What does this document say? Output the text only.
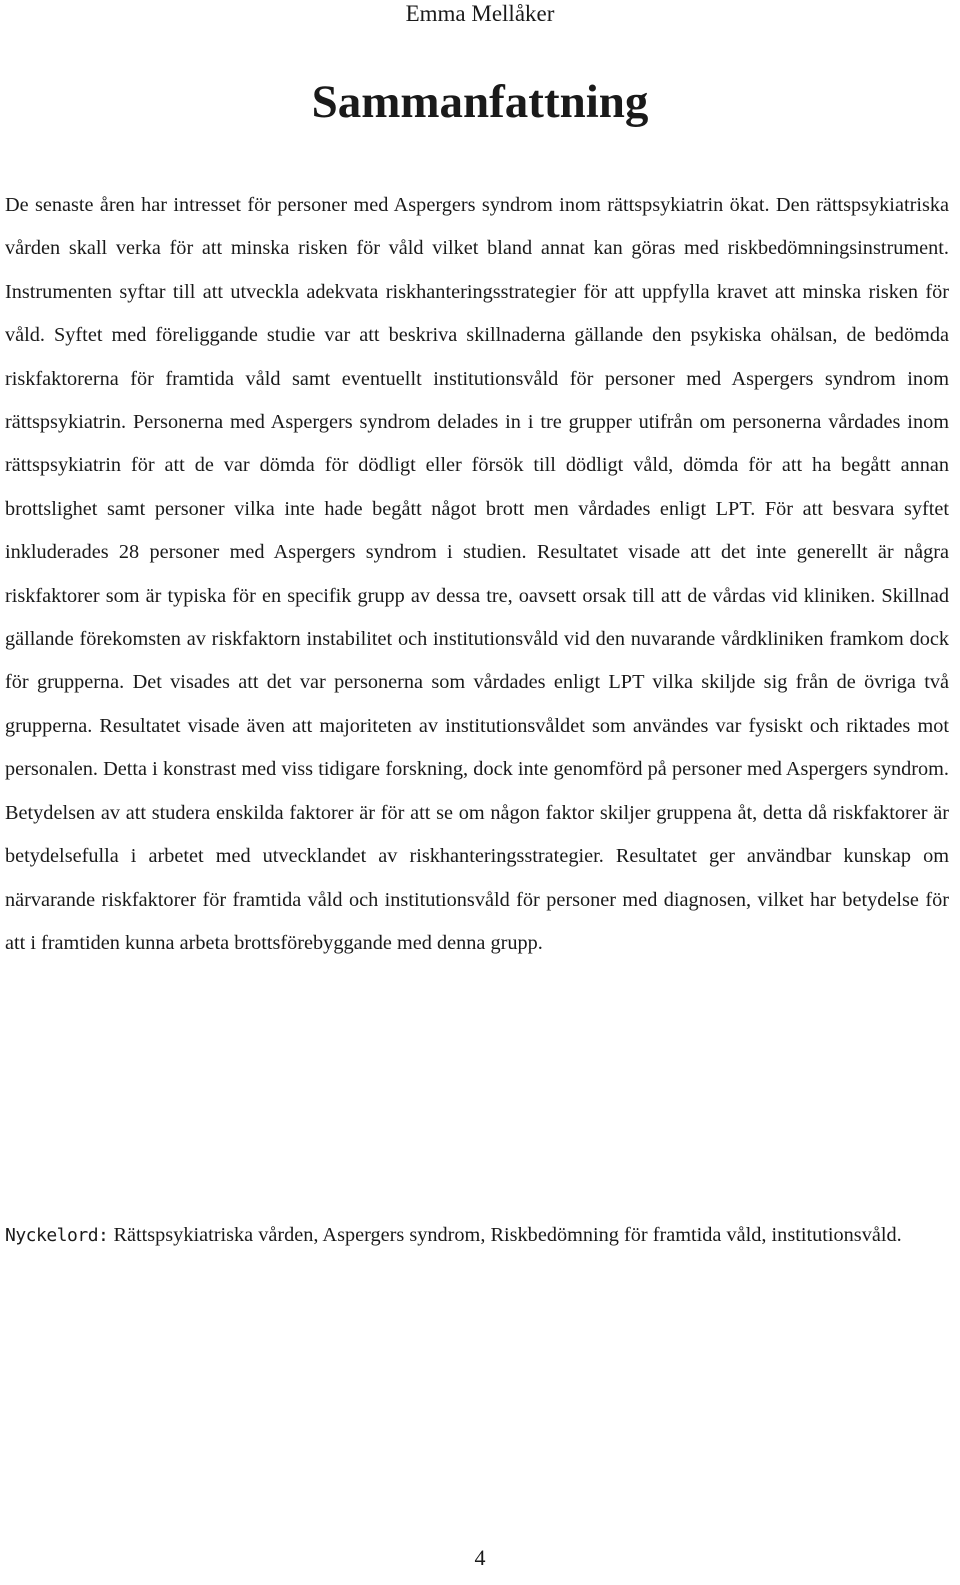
Emma Mellåker
Sammanfattning

De senaste åren har intresset för personer med Aspergers syndrom inom rättspsykiatrin ökat. Den rättspsykiatriska vården skall verka för att minska risken för våld vilket bland annat kan göras med riskbedömningsinstrument. Instrumenten syftar till att utveckla adekvata riskhanteringsstrategier för att uppfylla kravet att minska risken för våld. Syftet med föreliggande studie var att beskriva skillnaderna gällande den psykiska ohälsan, de bedömda riskfaktorerna för framtida våld samt eventuellt institutionsvåld för personer med Aspergers syndrom inom rättspsykiatrin. Personerna med Aspergers syndrom delades in i tre grupper utifrån om personerna vårdades inom rättspsykiatrin för att de var dömda för dödligt eller försök till dödligt våld, dömda för att ha begått annan brottslighet samt personer vilka inte hade begått något brott men vårdades enligt LPT. För att besvara syftet inkluderades 28 personer med Aspergers syndrom i studien. Resultatet visade att det inte generellt är några riskfaktorer som är typiska för en specifik grupp av dessa tre, oavsett orsak till att de vårdas vid kliniken. Skillnad gällande förekomsten av riskfaktorn instabilitet och institutionsvåld vid den nuvarande vårdkliniken framkom dock för grupperna. Det visades att det var personerna som vårdades enligt LPT vilka skiljde sig från de övriga två grupperna. Resultatet visade även att majoriteten av institutionsvåldet som användes var fysiskt och riktades mot personalen. Detta i konstrast med viss tidigare forskning, dock inte genomförd på personer med Aspergers syndrom. Betydelsen av att studera enskilda faktorer är för att se om någon faktor skiljer gruppena åt, detta då riskfaktorer är betydelsefulla i arbetet med utvecklandet av riskhanteringsstrategier. Resultatet ger användbar kunskap om närvarande riskfaktorer för framtida våld och institutionsvåld för personer med diagnosen, vilket har betydelse för att i framtiden kunna arbeta brottsförebyggande med denna grupp.

Nyckelord: Rättspsykiatriska vården, Aspergers syndrom, Riskbedömning för framtida våld, institutionsvåld.

4
